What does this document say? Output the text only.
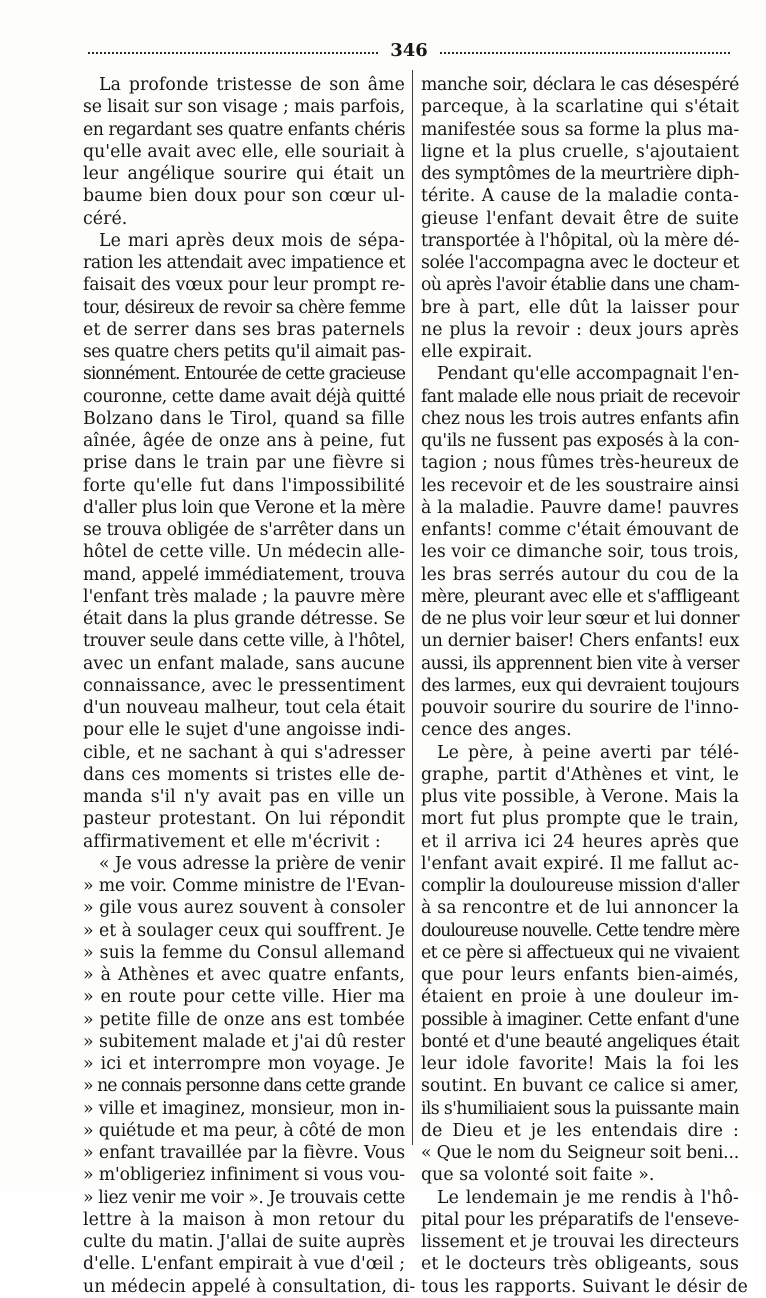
346
La profonde tristesse de son âme
se lisait sur son visage ; mais parfois,
en regardant ses quatre enfants chéris
qu'elle avait avec elle, elle souriait à
leur angélique sourire qui était un
baume bien doux pour son cœur ul-
céré.
Le mari après deux mois de sépa-
ration les attendait avec impatience et
faisait des vœux pour leur prompt re-
tour, désireux de revoir sa chère femme
et de serrer dans ses bras paternels
ses quatre chers petits qu'il aimait pas-
sionnément. Entourée de cette gracieuse
couronne, cette dame avait déjà quitté
Bolzano dans le Tirol, quand sa fille
aînée, âgée de onze ans à peine, fut
prise dans le train par une fièvre si
forte qu'elle fut dans l'impossibilité
d'aller plus loin que Verone et la mère
se trouva obligée de s'arrêter dans un
hôtel de cette ville. Un médecin alle-
mand, appelé immédiatement, trouva
l'enfant très malade ; la pauvre mère
était dans la plus grande détresse. Se
trouver seule dans cette ville, à l'hôtel,
avec un enfant malade, sans aucune
connaissance, avec le pressentiment
d'un nouveau malheur, tout cela était
pour elle le sujet d'une angoisse indi-
cible, et ne sachant à qui s'adresser
dans ces moments si tristes elle de-
manda s'il n'y avait pas en ville un
pasteur protestant. On lui répondit
affirmativement et elle m'écrivit :
« Je vous adresse la prière de venir
» me voir. Comme ministre de l'Evan-
» gile vous aurez souvent à consoler
» et à soulager ceux qui souffrent. Je
» suis la femme du Consul allemand
» à Athènes et avec quatre enfants,
» en route pour cette ville. Hier ma
» petite fille de onze ans est tombée
» subitement malade et j'ai dû rester
» ici et interrompre mon voyage. Je
» ne connais personne dans cette grande
» ville et imaginez, monsieur, mon in-
» quiétude et ma peur, à côté de mon
» enfant travaillée par la fièvre. Vous
» m'obligeriez infiniment si vous vou-
» liez venir me voir ». Je trouvais cette
lettre à la maison à mon retour du
culte du matin. J'allai de suite auprès
d'elle. L'enfant empirait à vue d'œil ;
un médecin appelé à consultation, di-
manche soir, déclara le cas désespéré
parceque, à la scarlatine qui s'était
manifestée sous sa forme la plus ma-
ligne et la plus cruelle, s'ajoutaient
des symptômes de la meurtrière diph-
térite. A cause de la maladie conta-
gieuse l'enfant devait être de suite
transportée à l'hôpital, où la mère dé-
solée l'accompagna avec le docteur et
où après l'avoir établie dans une cham-
bre à part, elle dût la laisser pour
ne plus la revoir : deux jours après
elle expirait.
Pendant qu'elle accompagnait l'en-
fant malade elle nous priait de recevoir
chez nous les trois autres enfants afin
qu'ils ne fussent pas exposés à la con-
tagion ; nous fûmes très-heureux de
les recevoir et de les soustraire ainsi
à la maladie. Pauvre dame! pauvres
enfants! comme c'était émouvant de
les voir ce dimanche soir, tous trois,
les bras serrés autour du cou de la
mère, pleurant avec elle et s'affligeant
de ne plus voir leur sœur et lui donner
un dernier baiser! Chers enfants! eux
aussi, ils apprennent bien vite à verser
des larmes, eux qui devraient toujours
pouvoir sourire du sourire de l'inno-
cence des anges.
Le père, à peine averti par télé-
graphe, partit d'Athènes et vint, le
plus vite possible, à Verone. Mais la
mort fut plus prompte que le train,
et il arriva ici 24 heures après que
l'enfant avait expiré. Il me fallut ac-
complir la douloureuse mission d'aller
à sa rencontre et de lui annoncer la
douloureuse nouvelle. Cette tendre mère
et ce père si affectueux qui ne vivaient
que pour leurs enfants bien-aimés,
étaient en proie à une douleur im-
possible à imaginer. Cette enfant d'une
bonté et d'une beauté angeliques était
leur idole favorite! Mais la foi les
soutint. En buvant ce calice si amer,
ils s'humiliaient sous la puissante main
de Dieu et je les entendais dire :
« Que le nom du Seigneur soit beni...
que sa volonté soit faite ».
Le lendemain je me rendis à l'hô-
pital pour les préparatifs de l'enseve-
lissement et je trouvai les directeurs
et le docteurs très obligeants, sous
tous les rapports. Suivant le désir de
